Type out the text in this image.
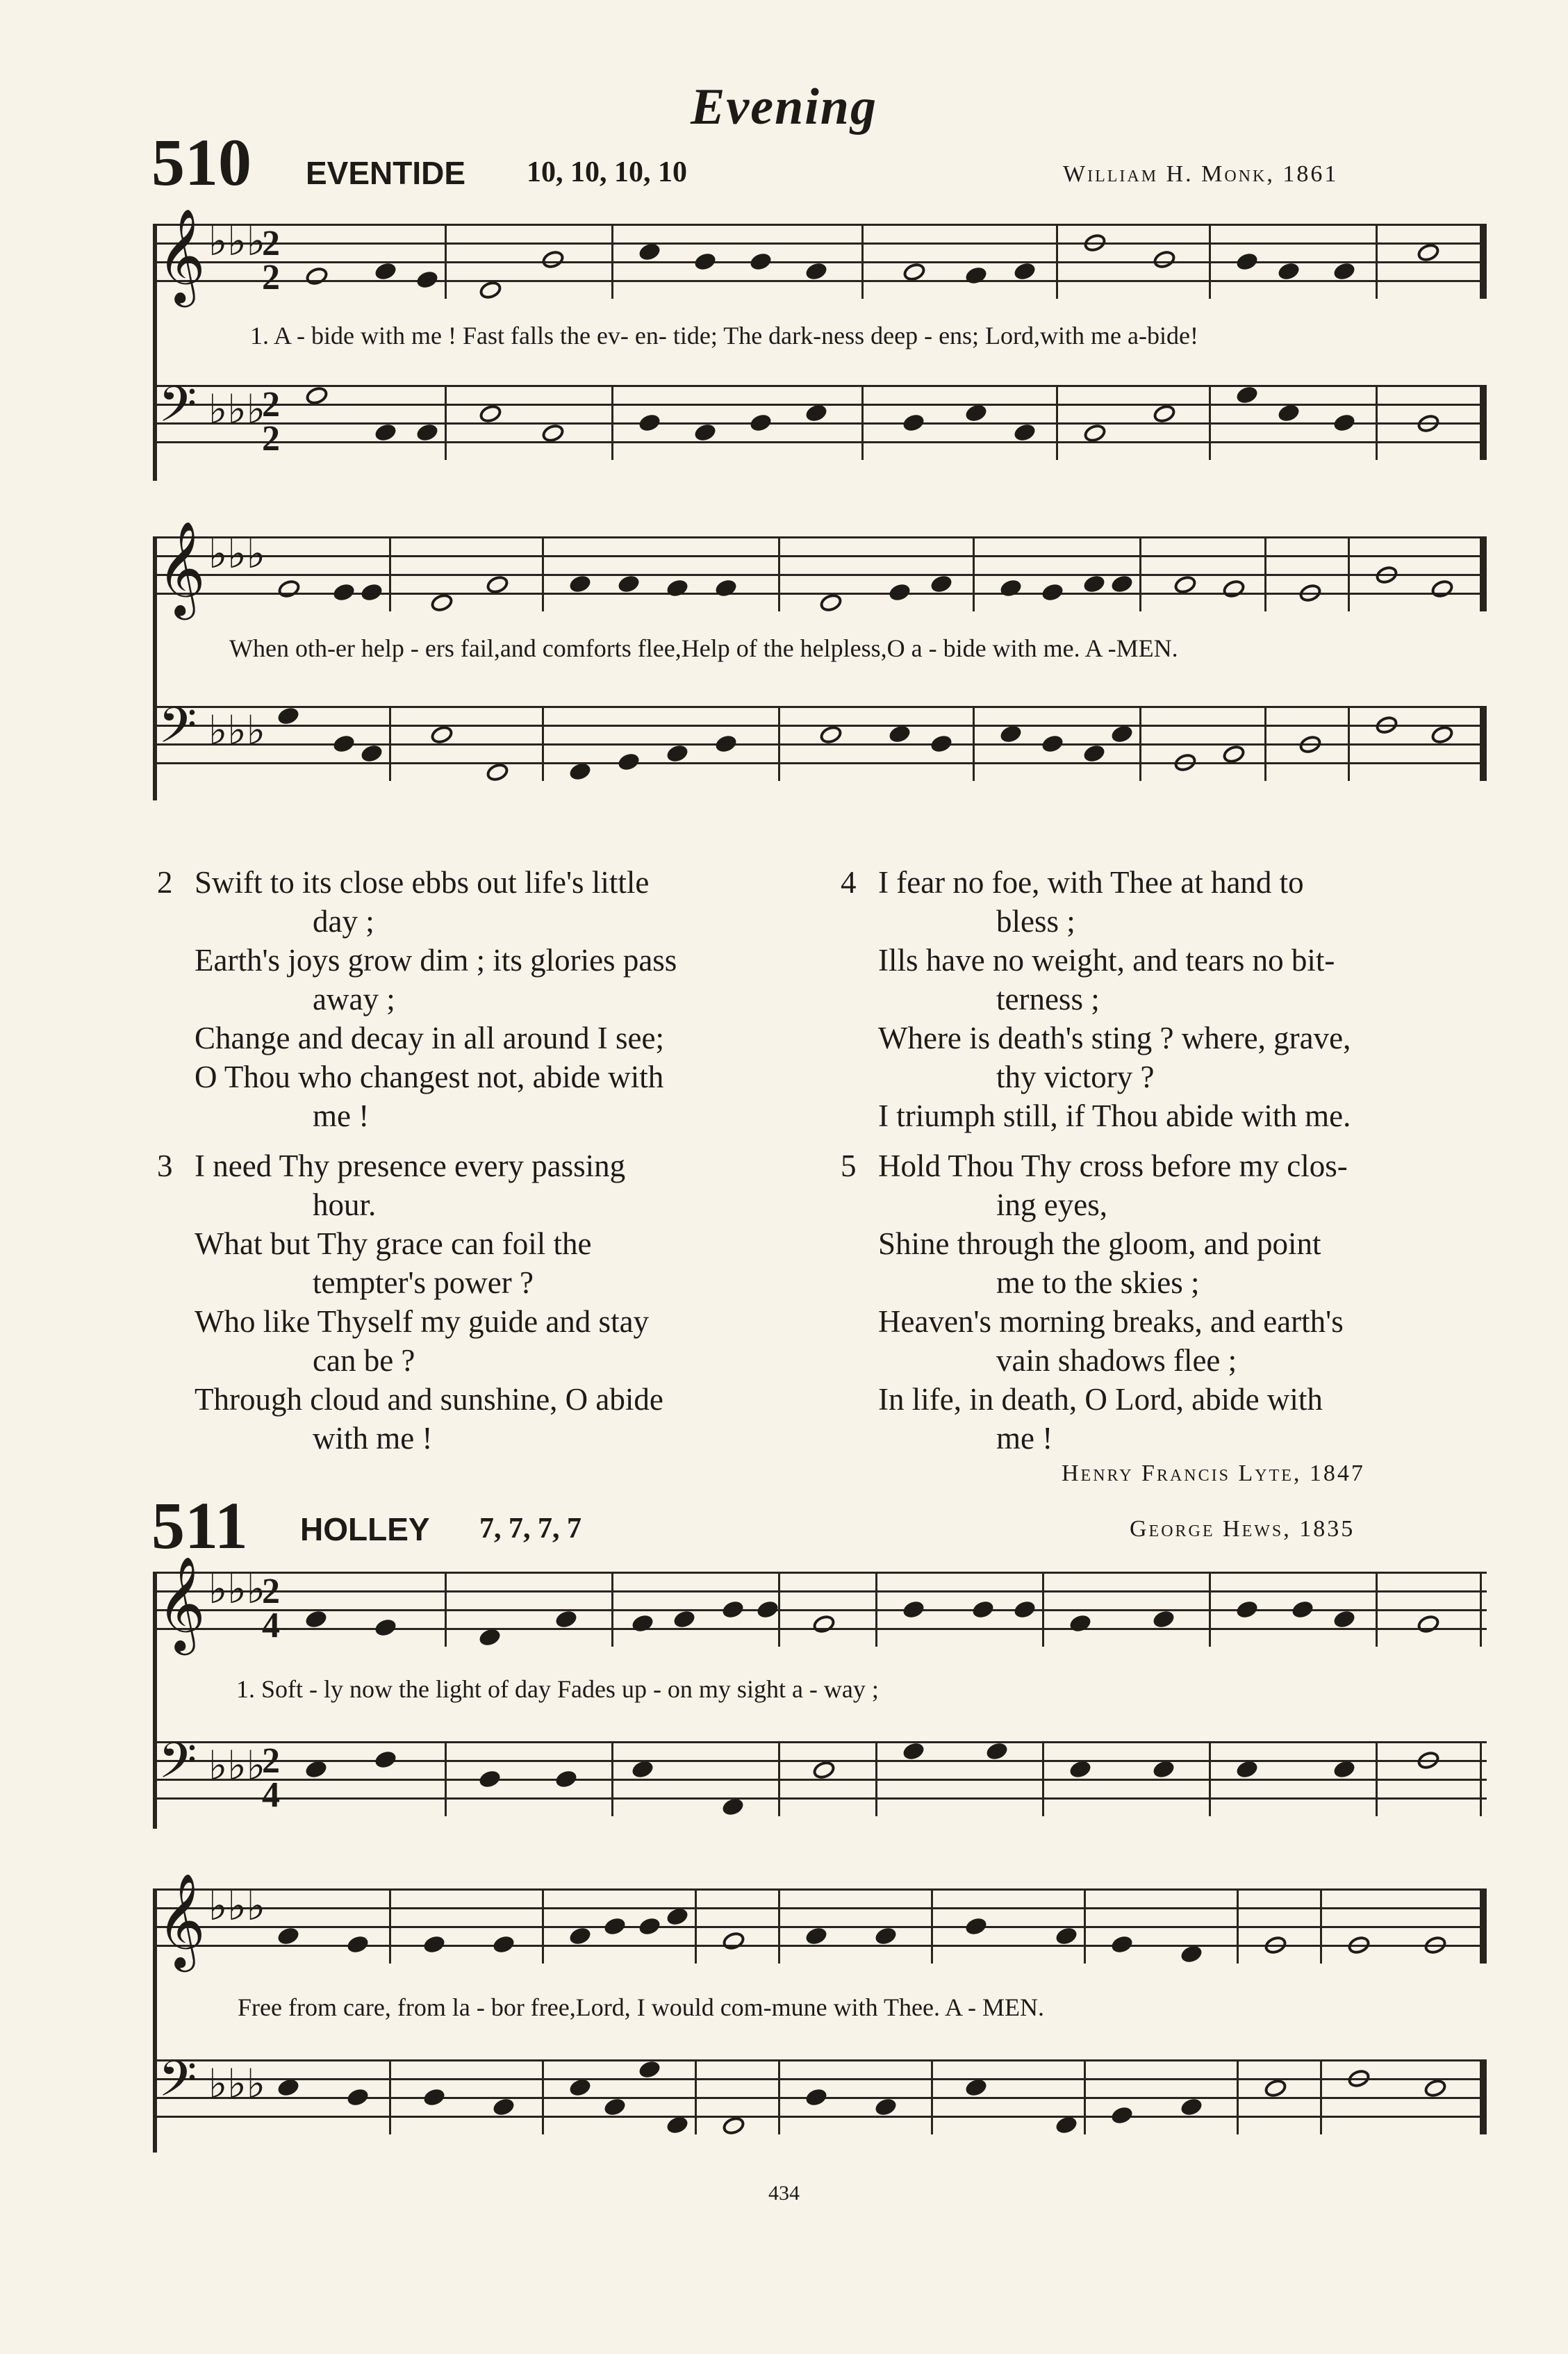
Evening
510 EVENTIDE 10, 10, 10, 10	William H. Monk, 1861
𝄞 ♭♭♭
2
2
1. A - bide with me ! Fast falls the ev- en- tide; The dark-ness deep - ens; Lord,with me a-bide!
𝄢 ♭♭♭
2
2
𝄞 ♭♭♭
When oth-er help - ers fail,and comforts flee,Help of the helpless,O a - bide with me. A -MEN.
𝄢 ♭♭♭
2 Swift to its close ebbs out life's little
day ;
Earth's joys grow dim ; its glories pass
away ;
Change and decay in all around I see;
O Thou who changest not, abide with
me !
3 I need Thy presence every passing
hour.
What but Thy grace can foil the
tempter's power ?
Who like Thyself my guide and stay
can be ?
Through cloud and sunshine, O abide
with me !
4 I fear no foe, with Thee at hand to
bless ;
Ills have no weight, and tears no bit-
terness ;
Where is death's sting ? where, grave,
thy victory ?
I triumph still, if Thou abide with me.
5 Hold Thou Thy cross before my clos-
ing eyes,
Shine through the gloom, and point
me to the skies ;
Heaven's morning breaks, and earth's
vain shadows flee ;
In life, in death, O Lord, abide with
me !
Henry Francis Lyte, 1847
511 HOLLEY 7, 7, 7, 7	George Hews, 1835
𝄞 ♭♭♭
2
4
1. Soft - ly now the light of day Fades up - on my sight a - way ;
𝄢 ♭♭♭
2
4
𝄞 ♭♭♭
Free from care, from la - bor free,Lord, I would com-mune with Thee. A - MEN.
𝄢 ♭♭♭
434
